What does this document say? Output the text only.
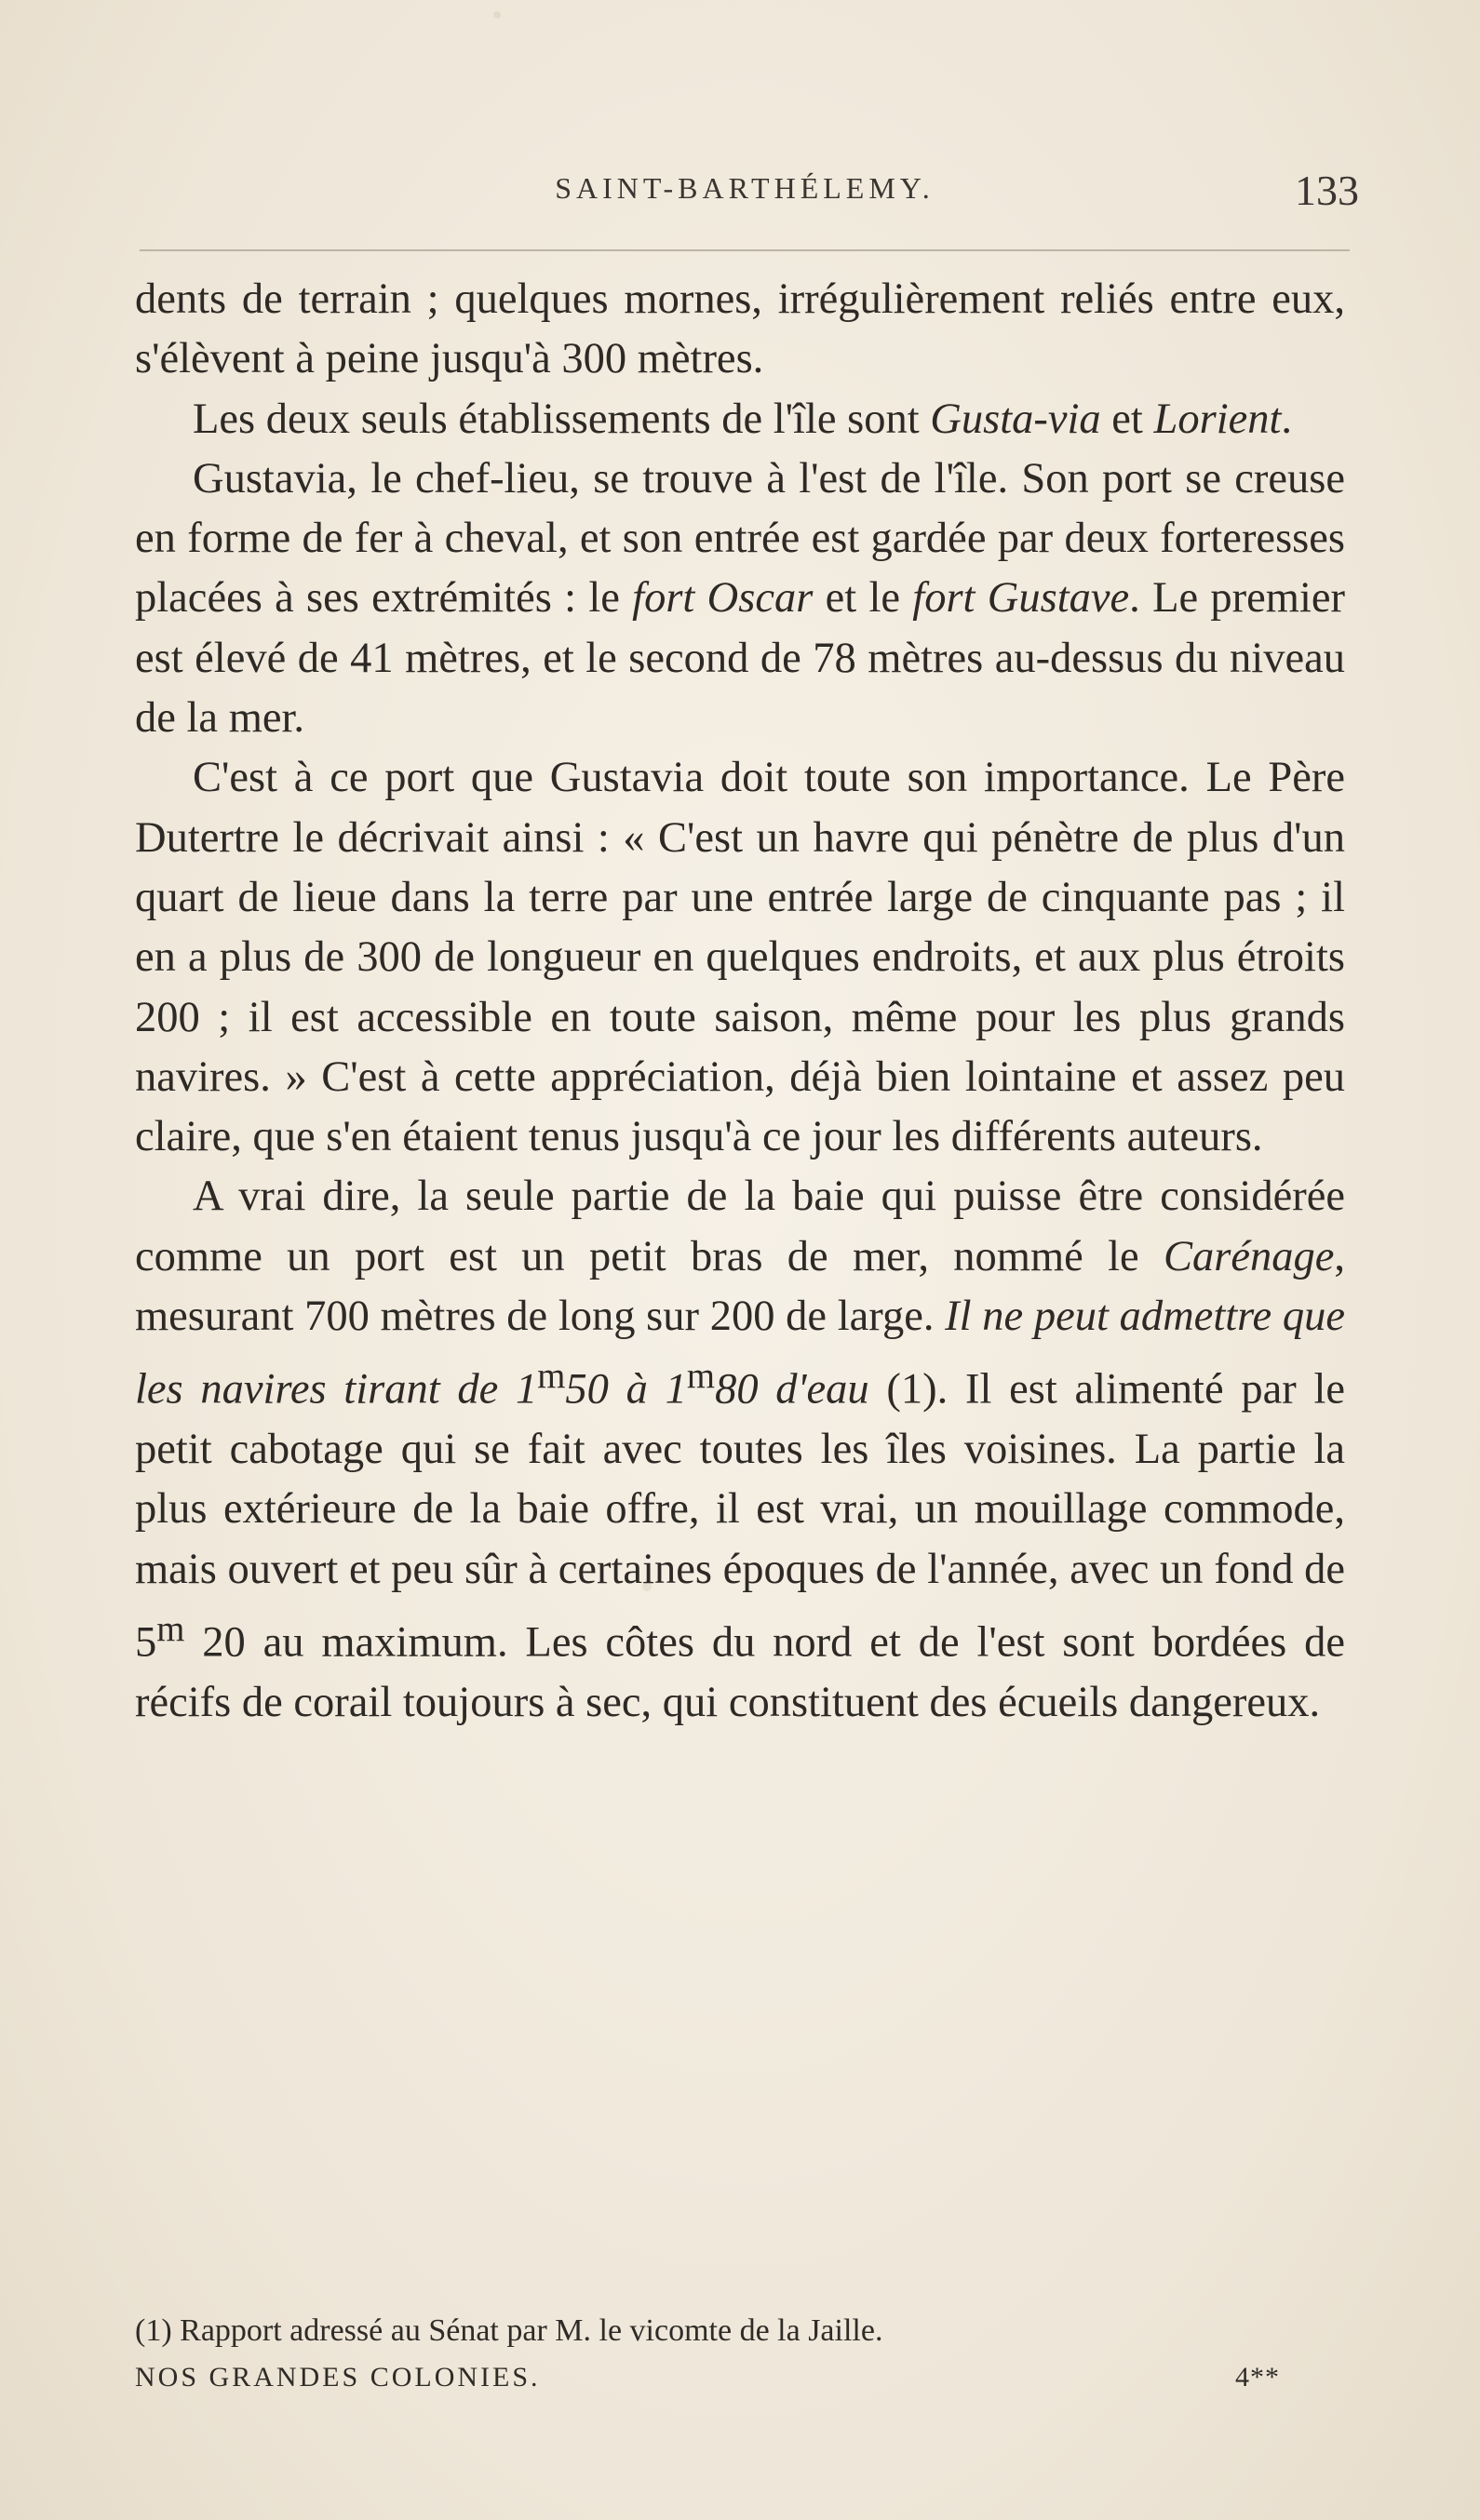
SAINT-BARTHÉLEMY.	133

dents de terrain ; quelques mornes, irrégulièrement reliés entre eux, s'élèvent à peine jusqu'à 300 mètres.

Les deux seuls établissements de l'île sont Gusta-via et Lorient.

Gustavia, le chef-lieu, se trouve à l'est de l'île. Son port se creuse en forme de fer à cheval, et son entrée est gardée par deux forteresses placées à ses extrémités : le fort Oscar et le fort Gustave. Le premier est élevé de 41 mètres, et le second de 78 mètres au-dessus du niveau de la mer.

C'est à ce port que Gustavia doit toute son importance. Le Père Dutertre le décrivait ainsi : « C'est un havre qui pénètre de plus d'un quart de lieue dans la terre par une entrée large de cinquante pas ; il en a plus de 300 de longueur en quelques endroits, et aux plus étroits 200 ; il est accessible en toute saison, même pour les plus grands navires. » C'est à cette appréciation, déjà bien lointaine et assez peu claire, que s'en étaient tenus jusqu'à ce jour les différents auteurs.

A vrai dire, la seule partie de la baie qui puisse être considérée comme un port est un petit bras de mer, nommé le Carénage, mesurant 700 mètres de long sur 200 de large. Il ne peut admettre que les navires tirant de 1$^m$50 à 1$^m$80 d'eau (1). Il est alimenté par le petit cabotage qui se fait avec toutes les îles voisines. La partie la plus extérieure de la baie offre, il est vrai, un mouillage commode, mais ouvert et peu sûr à certaines époques de l'année, avec un fond de 5$^m$ 20 au maximum. Les côtes du nord et de l'est sont bordées de récifs de corail toujours à sec, qui constituent des écueils dangereux.

(1) Rapport adressé au Sénat par M. le vicomte de la Jaille.
NOS GRANDES COLONIES.	4**
